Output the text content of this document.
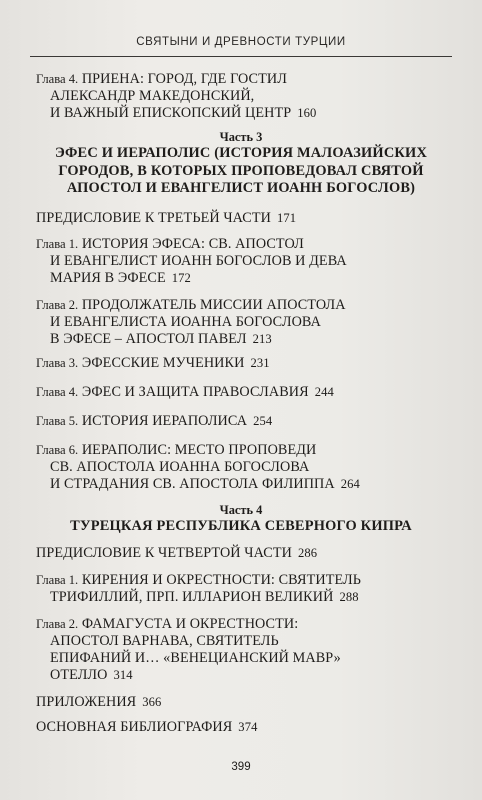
СВЯТЫНИ И ДРЕВНОСТИ ТУРЦИИ
Глава 4. ПРИЕНА: ГОРОД, ГДЕ ГОСТИЛ
АЛЕКСАНДР МАКЕДОНСКИЙ,
И ВАЖНЫЙ ЕПИСКОПСКИЙ ЦЕНТР 160
Часть 3
ЭФЕС И ИЕРАПОЛИС (ИСТОРИЯ МАЛОАЗИЙСКИХ
ГОРОДОВ, В КОТОРЫХ ПРОПОВЕДОВАЛ СВЯТОЙ
АПОСТОЛ И ЕВАНГЕЛИСТ ИОАНН БОГОСЛОВ)
ПРЕДИСЛОВИЕ К ТРЕТЬЕЙ ЧАСТИ 171
Глава 1. ИСТОРИЯ ЭФЕСА: СВ. АПОСТОЛ
И ЕВАНГЕЛИСТ ИОАНН БОГОСЛОВ И ДЕВА
МАРИЯ В ЭФЕСЕ 172
Глава 2. ПРОДОЛЖАТЕЛЬ МИССИИ АПОСТОЛА
И ЕВАНГЕЛИСТА ИОАННА БОГОСЛОВА
В ЭФЕСЕ – АПОСТОЛ ПАВЕЛ 213
Глава 3. ЭФЕССКИЕ МУЧЕНИКИ 231
Глава 4. ЭФЕС И ЗАЩИТА ПРАВОСЛАВИЯ 244
Глава 5. ИСТОРИЯ ИЕРАПОЛИСА 254
Глава 6. ИЕРАПОЛИС: МЕСТО ПРОПОВЕДИ
СВ. АПОСТОЛА ИОАННА БОГОСЛОВА
И СТРАДАНИЯ СВ. АПОСТОЛА ФИЛИППА 264
Часть 4
ТУРЕЦКАЯ РЕСПУБЛИКА СЕВЕРНОГО КИПРА
ПРЕДИСЛОВИЕ К ЧЕТВЕРТОЙ ЧАСТИ 286
Глава 1. КИРЕНИЯ И ОКРЕСТНОСТИ: СВЯТИТЕЛЬ
ТРИФИЛЛИЙ, ПРП. ИЛЛАРИОН ВЕЛИКИЙ 288
Глава 2. ФАМАГУСТА И ОКРЕСТНОСТИ:
АПОСТОЛ ВАРНАВА, СВЯТИТЕЛЬ
ЕПИФАНИЙ И… «ВЕНЕЦИАНСКИЙ МАВР»
ОТЕЛЛО 314
ПРИЛОЖЕНИЯ 366
ОСНОВНАЯ БИБЛИОГРАФИЯ 374
399
